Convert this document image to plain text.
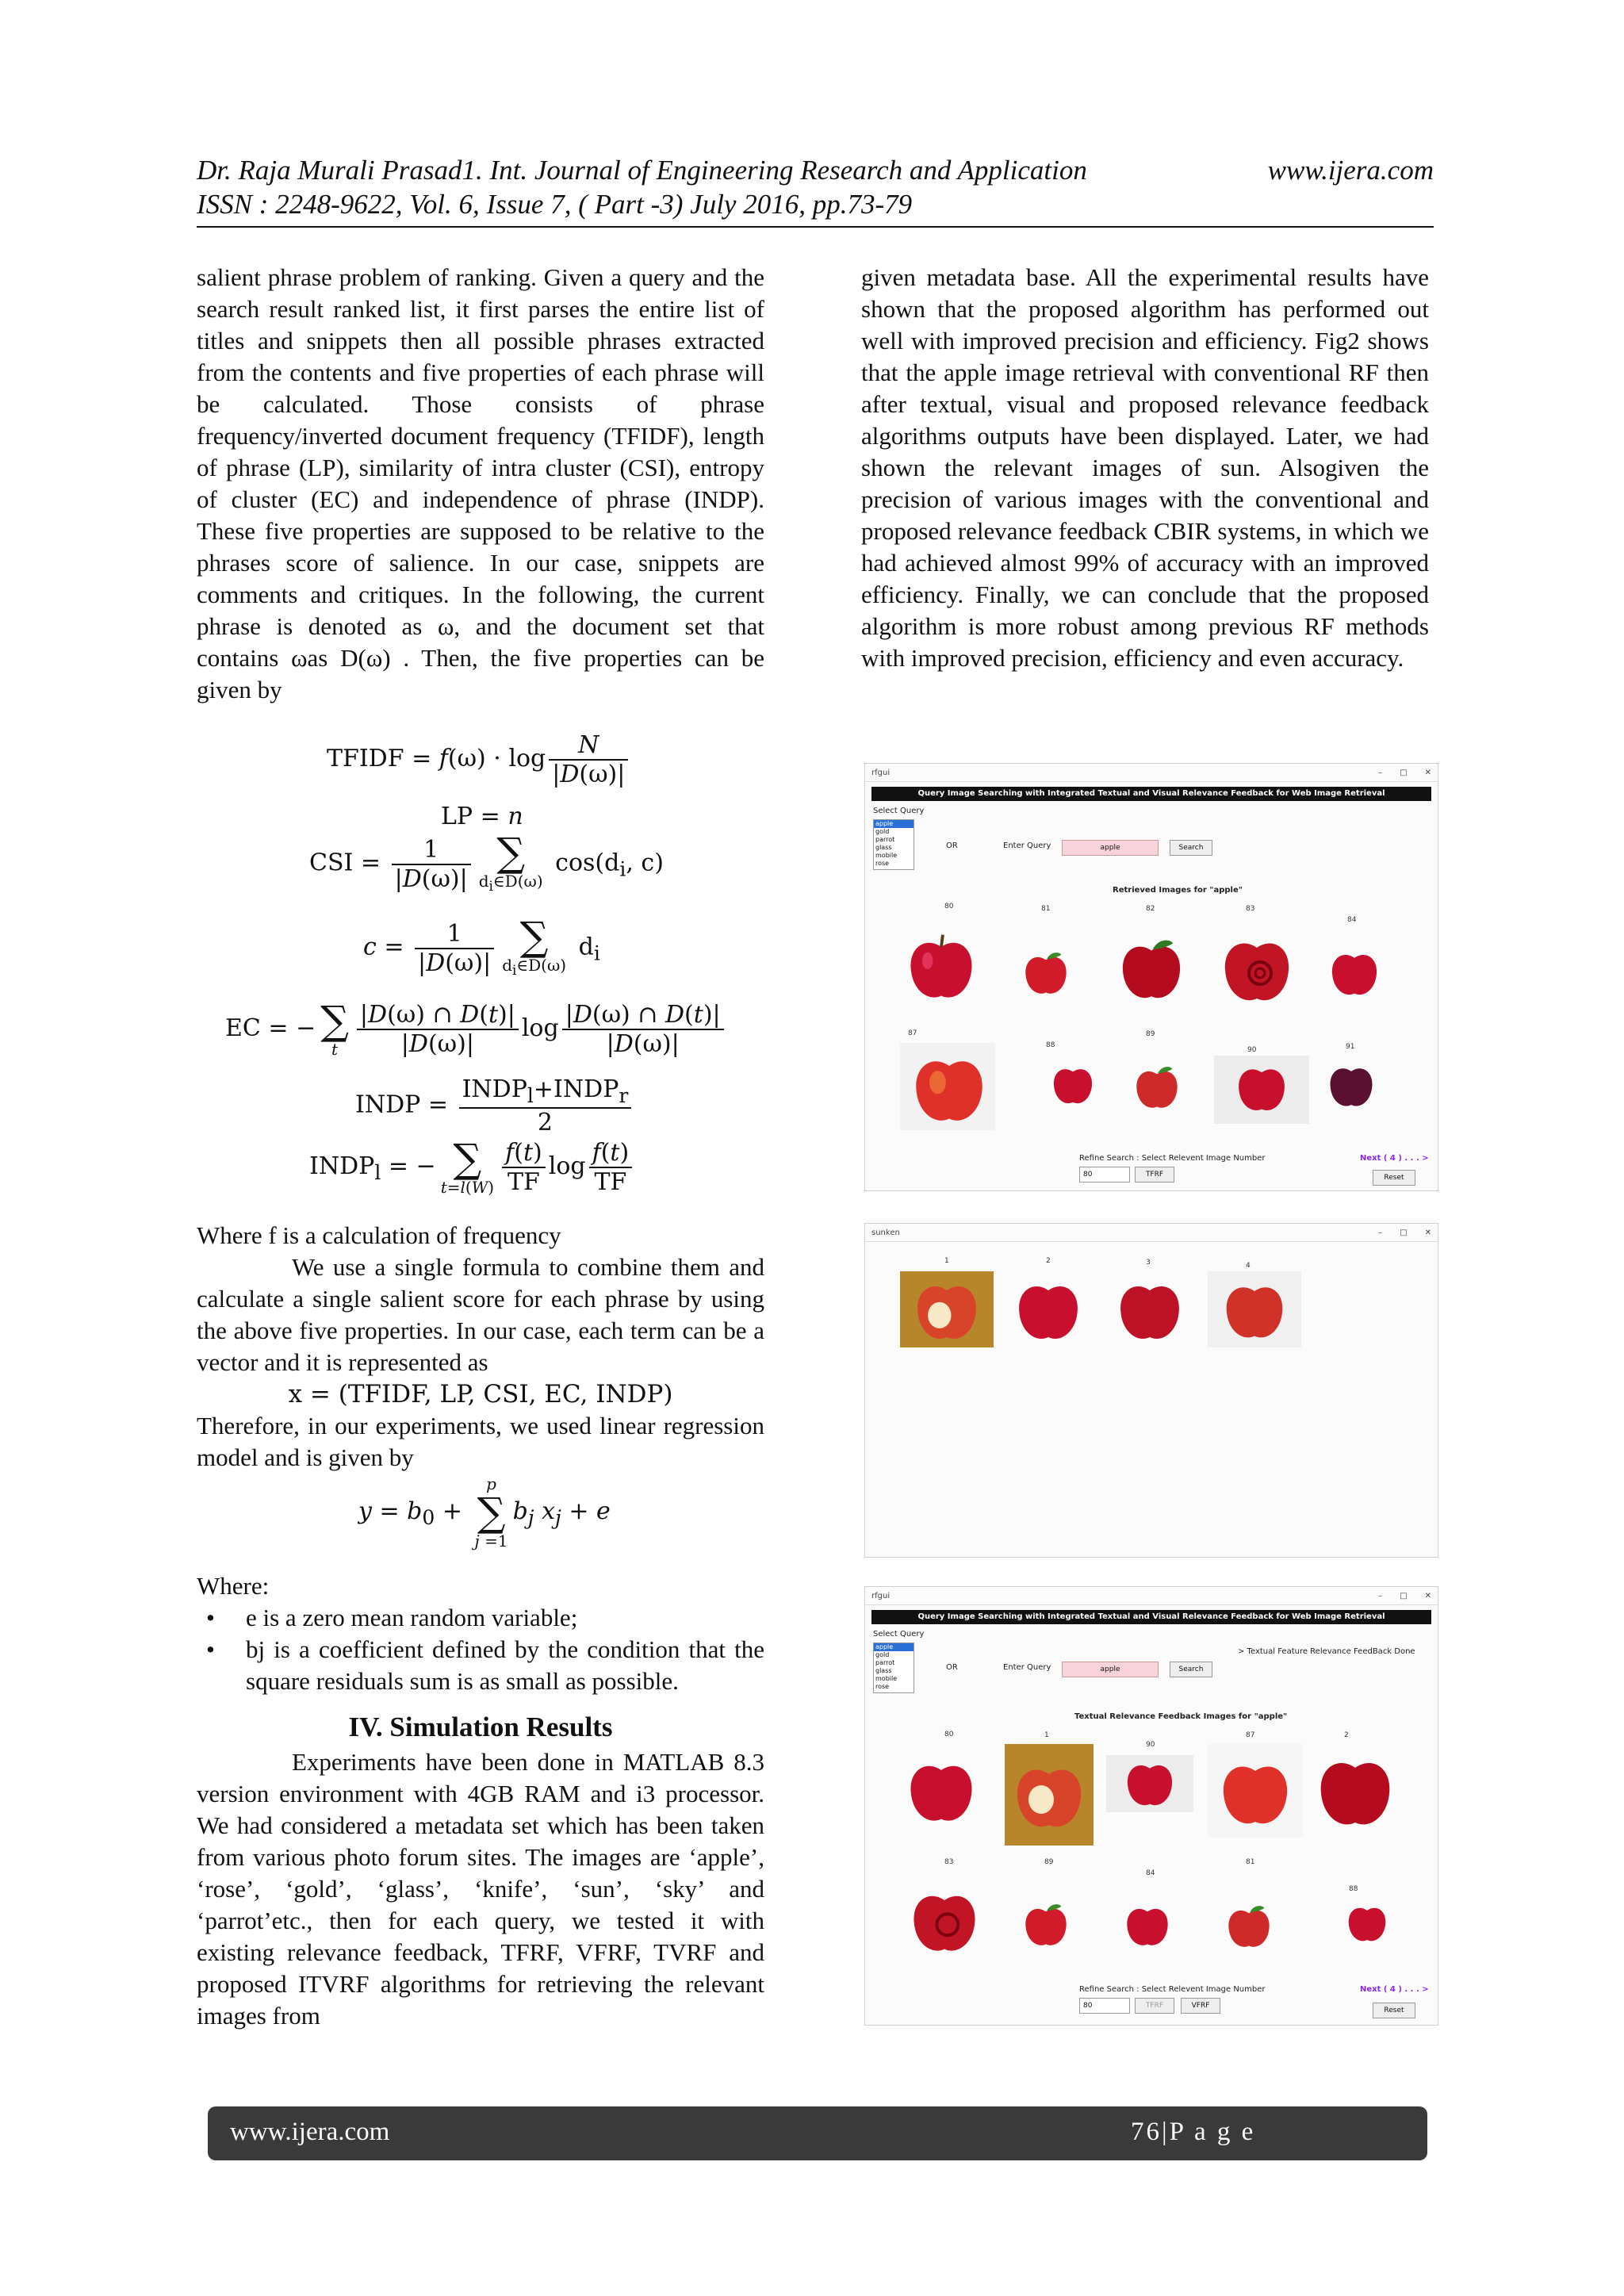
Dr. Raja Murali Prasad1. Int. Journal of Engineering Research and Application	www.ijera.com
ISSN : 2248-9622, Vol. 6, Issue 7, ( Part -3) July 2016, pp.73-79
salient phrase problem of ranking. Given a query and the search result ranked list, it first parses the entire list of titles and snippets then all possible phrases extracted from the contents and five properties of each phrase will be calculated. Those consists of phrase frequency/inverted document frequency (TFIDF), length of phrase (LP), similarity of intra cluster (CSI), entropy of cluster (EC) and independence of phrase (INDP). These five properties are supposed to be relative to the phrases score of salience. In our case, snippets are comments and critiques. In the following, the current phrase is denoted as ω, and the document set that contains ωas D(ω) . Then, the five properties can be given by
TFIDF = $f(\omega) \cdot \log \frac{N}{|D(\omega)|}$
LP = n
CSI = $\frac{1}{|D(\omega)|}$ ∑
$d_i\in D(\omega)$
$\cos(d_i$, c)
$c = \frac{1}{|D(\omega)|}$ ∑
$d_i\in D(\omega)$
$d_i$
EC = − ∑
t $\frac{|D(\omega) \cap D(t)|}{|D(\omega)|}$ $\log \frac{|D(\omega) \cap D(t)|}{|D(\omega)|}$
INDP = $\frac{INDP_l+INDP_r}{2}$
$INDP_l$ = − ∑
$t=l(W) \frac{f(t)}{TF}$ $\log \frac{f(t)}{TF}$
Where f is a calculation of frequency
We use a single formula to combine them and calculate a single salient score for each phrase by using the above five properties. In our case, each term can be a vector and it is represented as
x = (TFIDF, LP, CSI, EC, INDP)
Therefore, in our experiments, we used linear regression model and is given by
$y = b_0$ +
p
∑
j =1
$b_j$ $x_j + e$
Where:
• e is a zero mean random variable;
• bj is a coefficient defined by the condition that the square residuals sum is as small as possible.
IV. Simulation Results
Experiments have been done in MATLAB 8.3 version environment with 4GB RAM and i3 processor. We had considered a metadata set which has been taken from various photo forum sites. The images are ‘apple’, ‘rose’, ‘gold’, ‘glass’, ‘knife’, ‘sun’, ‘sky’ and ‘parrot’etc., then for each query, we tested it with existing relevance feedback, TFRF, VFRF, TVRF and proposed ITVRF algorithms for retrieving the relevant images from
given metadata base. All the experimental results have shown that the proposed algorithm has performed out well with improved precision and efficiency. Fig2 shows that the apple image retrieval with conventional RF then after textual, visual and proposed relevance feedback algorithms outputs have been displayed. Later, we had shown the relevant images of sun. Alsogiven the precision of various images with the conventional and proposed relevance feedback CBIR systems, in which we had achieved almost 99% of accuracy with an improved efficiency. Finally, we can conclude that the proposed algorithm is more robust among previous RF methods with improved precision, efficiency and even accuracy.
rfgui	– □ ✕
Query Image Searching with Integrated Textual and Visual Relevance Feedback for Web Image Retrieval
Select Query
apple
gold
parrot
glass
mobile
rose
OR	Enter Query	apple	Search
Retrieved Images for "apple"
80	81	82	83
84
87
88
89
90	91

Refine Search : Select Relevent Image Number
80	TFRF
Next ( 4 ) . . . >
Reset
sunken	– □ ✕
1	2	3	4
rfgui	– □ ✕
Query Image Searching with Integrated Textual and Visual Relevance Feedback for Web Image Retrieval
Select Query
apple
gold
parrot
glass
mobile
rose
OR	Enter Query	apple	Search
> Textual Feature Relevance FeedBack Done
Textual Relevance Feedback Images for "apple"
80	1
90
87	2
83	89
84
81
88
Refine Search : Select Relevent Image Number
80	TFRF	VFRF
Next ( 4 ) . . . >
Reset
www.ijera.com	76|P a g e
